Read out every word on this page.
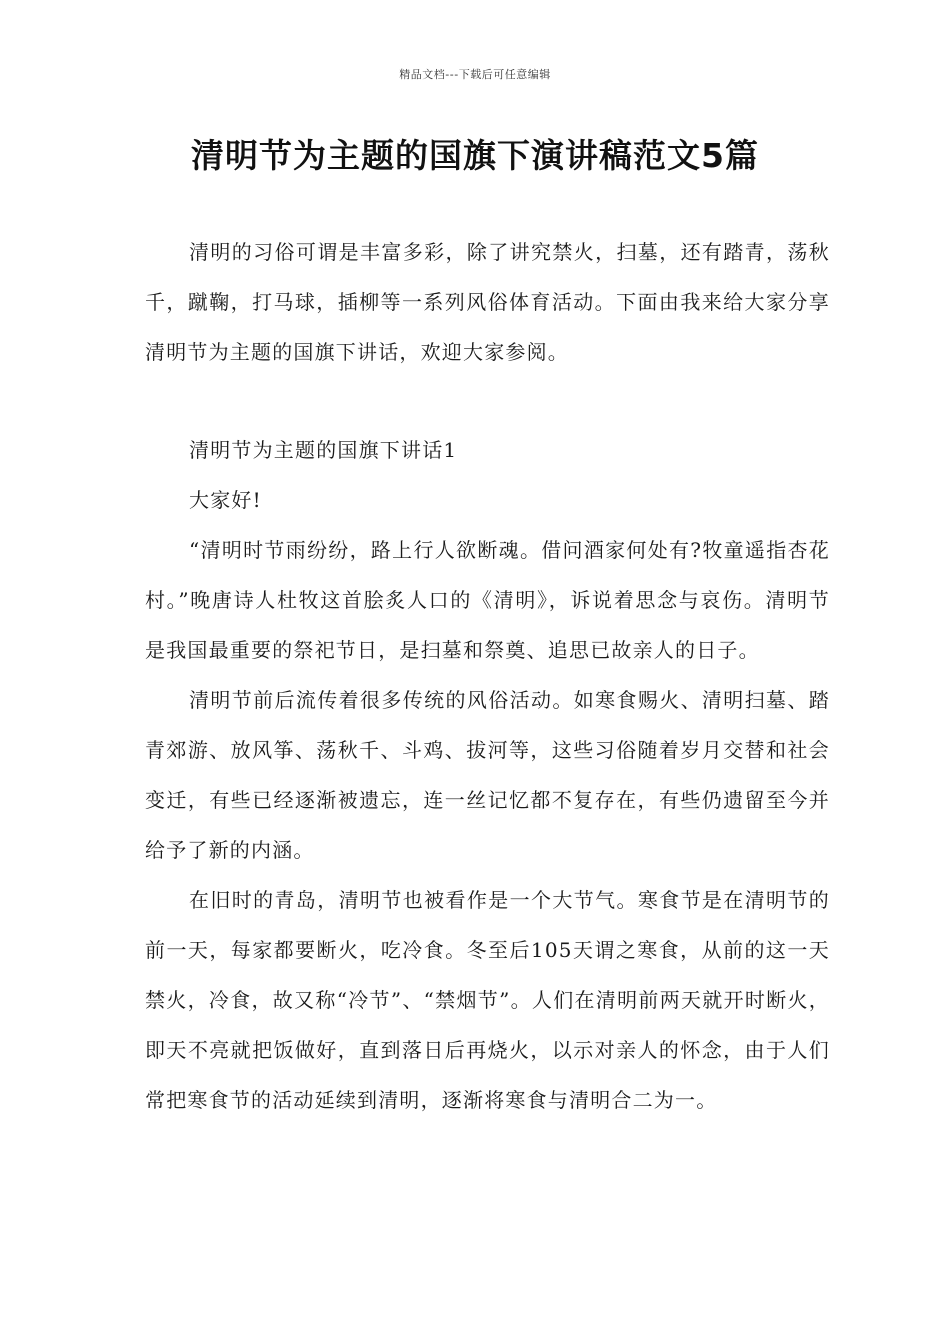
精品文档---下载后可任意编辑
清明节为主题的国旗下演讲稿范文5篇

清明的习俗可谓是丰富多彩，除了讲究禁火，扫墓，还有踏青，荡秋千，蹴鞠，打马球，插柳等一系列风俗体育活动。下面由我来给大家分享清明节为主题的国旗下讲话，欢迎大家参阅。

清明节为主题的国旗下讲话1

大家好!

“清明时节雨纷纷，路上行人欲断魂。借问酒家何处有?牧童遥指杏花村。”晚唐诗人杜牧这首脍炙人口的《清明》，诉说着思念与哀伤。清明节是我国最重要的祭祀节日，是扫墓和祭奠、追思已故亲人的日子。

清明节前后流传着很多传统的风俗活动。如寒食赐火、清明扫墓、踏青郊游、放风筝、荡秋千、斗鸡、拔河等，这些习俗随着岁月交替和社会变迁，有些已经逐渐被遗忘，连一丝记忆都不复存在，有些仍遗留至今并给予了新的内涵。

在旧时的青岛，清明节也被看作是一个大节气。寒食节是在清明节的前一天，每家都要断火，吃冷食。冬至后105天谓之寒食，从前的这一天禁火，冷食，故又称“冷节”、“禁烟节”。人们在清明前两天就开时断火，即天不亮就把饭做好，直到落日后再烧火，以示对亲人的怀念，由于人们常把寒食节的活动延续到清明，逐渐将寒食与清明合二为一。
